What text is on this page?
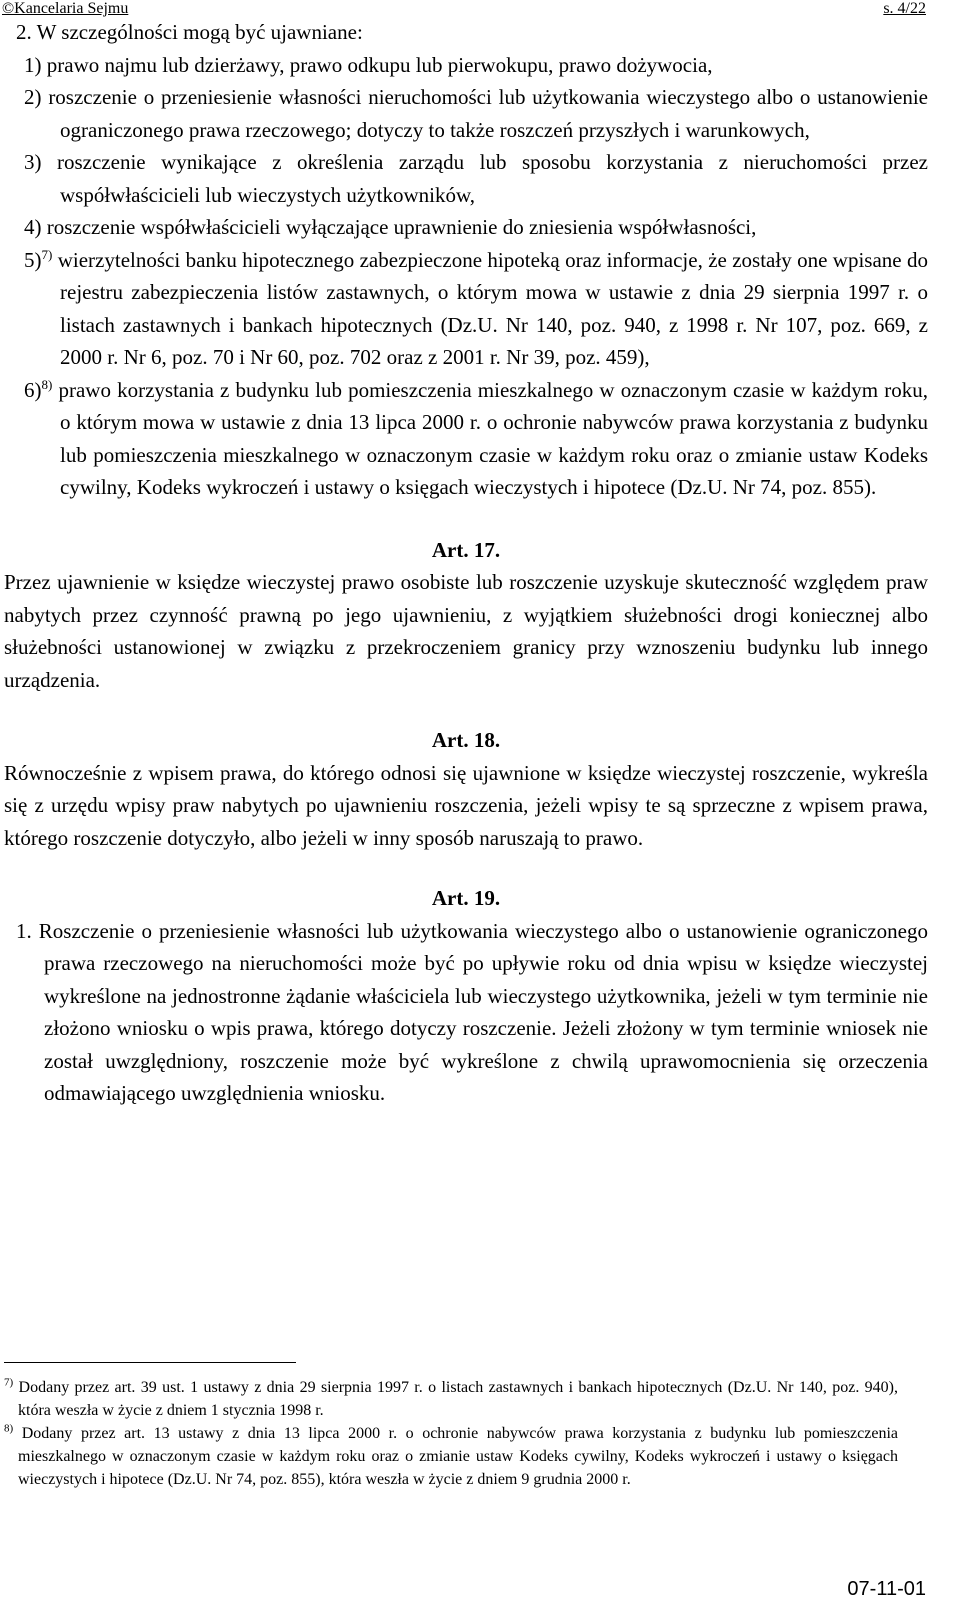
©Kancelaria Sejmu	s. 4/22

2. W szczególności mogą być ujawniane:

1) prawo najmu lub dzierżawy, prawo odkupu lub pierwokupu, prawo dożywocia,

2) roszczenie o przeniesienie własności nieruchomości lub użytkowania wieczystego albo o ustanowienie ograniczonego prawa rzeczowego; dotyczy to także roszczeń przyszłych i warunkowych,

3) roszczenie wynikające z określenia zarządu lub sposobu korzystania z nieruchomości przez współwłaścicieli lub wieczystych użytkowników,

4) roszczenie współwłaścicieli wyłączające uprawnienie do zniesienia współwłasności,

5)$^{7)}$ wierzytelności banku hipotecznego zabezpieczone hipoteką oraz informacje, że zostały one wpisane do rejestru zabezpieczenia listów zastawnych, o którym mowa w ustawie z dnia 29 sierpnia 1997 r. o listach zastawnych i bankach hipotecznych (Dz.U. Nr 140, poz. 940, z 1998 r. Nr 107, poz. 669, z 2000 r. Nr 6, poz. 70 i Nr 60, poz. 702 oraz z 2001 r. Nr 39, poz. 459),

6)$^{8)}$ prawo korzystania z budynku lub pomieszczenia mieszkalnego w oznaczonym czasie w każdym roku, o którym mowa w ustawie z dnia 13 lipca 2000 r. o ochronie nabywców prawa korzystania z budynku lub pomieszczenia mieszkalnego w oznaczonym czasie w każdym roku oraz o zmianie ustaw Kodeks cywilny, Kodeks wykroczeń i ustawy o księgach wieczystych i hipotece (Dz.U. Nr 74, poz. 855).

Art. 17.

Przez ujawnienie w księdze wieczystej prawo osobiste lub roszczenie uzyskuje skuteczność względem praw nabytych przez czynność prawną po jego ujawnieniu, z wyjątkiem służebności drogi koniecznej albo służebności ustanowionej w związku z przekroczeniem granicy przy wznoszeniu budynku lub innego urządzenia.

Art. 18.

Równocześnie z wpisem prawa, do którego odnosi się ujawnione w księdze wieczystej roszczenie, wykreśla się z urzędu wpisy praw nabytych po ujawnieniu roszczenia, jeżeli wpisy te są sprzeczne z wpisem prawa, którego roszczenie dotyczyło, albo jeżeli w inny sposób naruszają to prawo.

Art. 19.

1. Roszczenie o przeniesienie własności lub użytkowania wieczystego albo o ustanowienie ograniczonego prawa rzeczowego na nieruchomości może być po upływie roku od dnia wpisu w księdze wieczystej wykreślone na jednostronne żądanie właściciela lub wieczystego użytkownika, jeżeli w tym terminie nie złożono wniosku o wpis prawa, którego dotyczy roszczenie. Jeżeli złożony w tym terminie wniosek nie został uwzględniony, roszczenie może być wykreślone z chwilą uprawomocnienia się orzeczenia odmawiającego uwzględnienia wniosku.

$^{7)}$ Dodany przez art. 39 ust. 1 ustawy z dnia 29 sierpnia 1997 r. o listach zastawnych i bankach hipotecznych (Dz.U. Nr 140, poz. 940), która weszła w życie z dniem 1 stycznia 1998 r.

$^{8)}$ Dodany przez art. 13 ustawy z dnia 13 lipca 2000 r. o ochronie nabywców prawa korzystania z budynku lub pomieszczenia mieszkalnego w oznaczonym czasie w każdym roku oraz o zmianie ustaw Kodeks cywilny, Kodeks wykroczeń i ustawy o księgach wieczystych i hipotece (Dz.U. Nr 74, poz. 855), która weszła w życie z dniem 9 grudnia 2000 r.

07-11-01
